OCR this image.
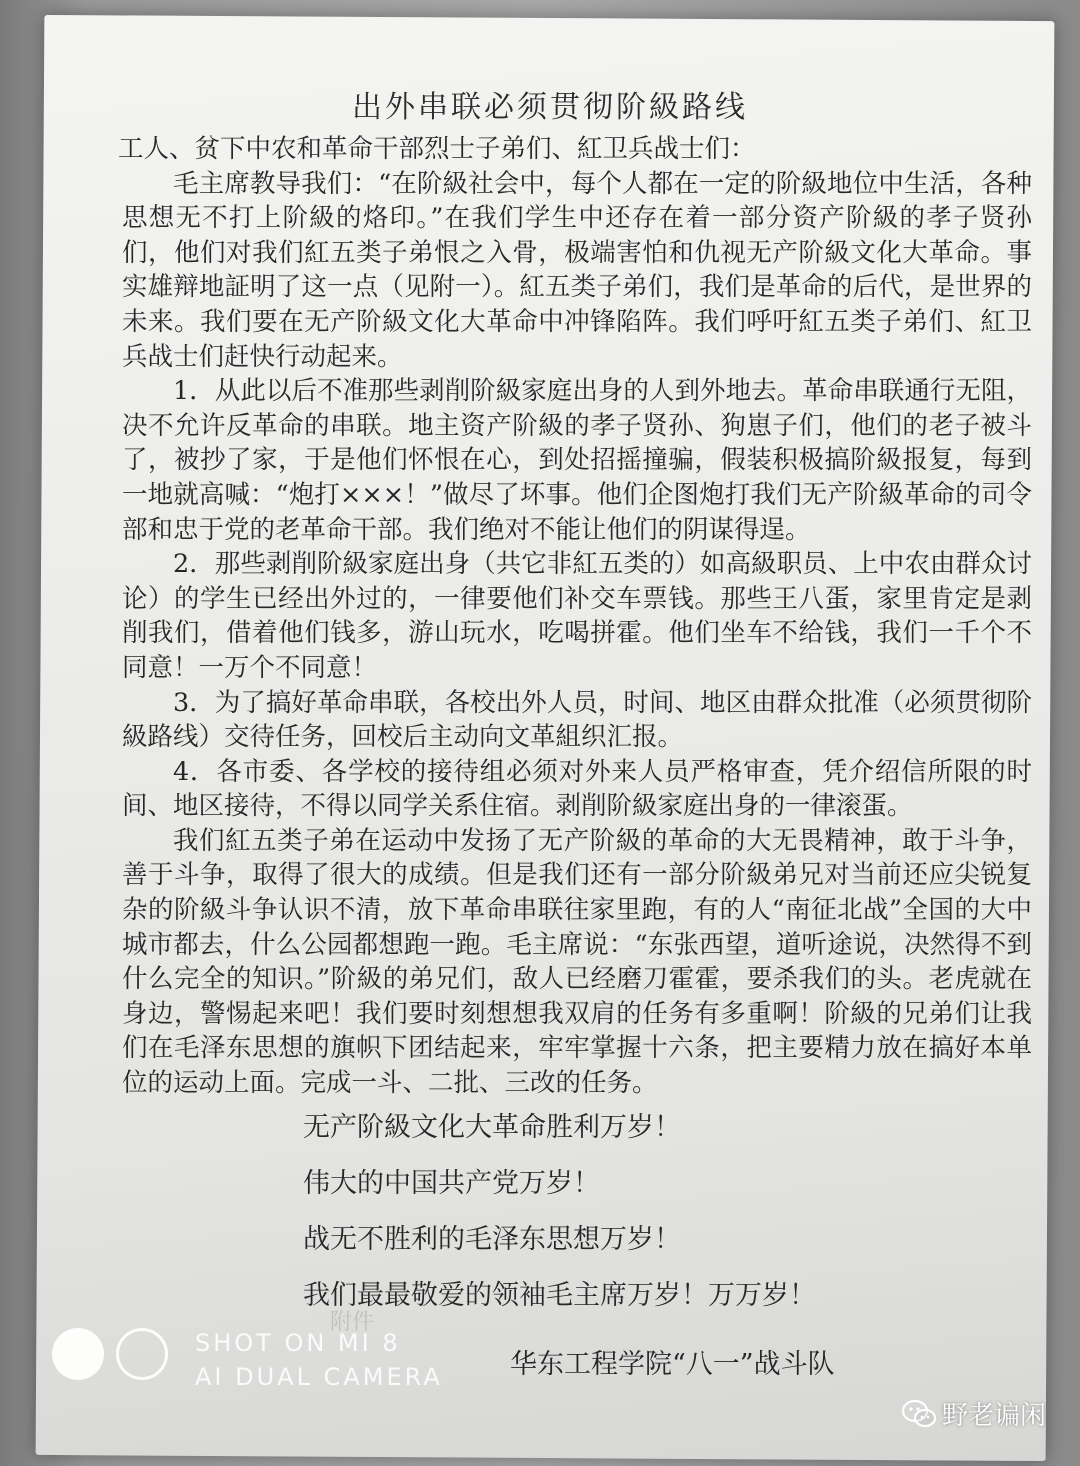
出外串联必须贯彻阶級路线

工人、贫下中农和革命干部烈士子弟们、紅卫兵战士们：

毛主席教导我们：“在阶級社会中，每个人都在一定的阶級地位中生活，各种思想无不打上阶級的烙印。”在我们学生中还存在着一部分资产阶級的孝子贤孙们，他们对我们紅五类子弟恨之入骨，极端害怕和仇视无产阶級文化大革命。事实雄辩地証明了这一点（见附一）。紅五类子弟们，我们是革命的后代，是世界的未来。我们要在无产阶級文化大革命中冲锋陷阵。我们呼吁紅五类子弟们、紅卫兵战士们赶快行动起来。

1．从此以后不准那些剥削阶級家庭出身的人到外地去。革命串联通行无阻，决不允许反革命的串联。地主资产阶級的孝子贤孙、狗崽子们，他们的老子被斗了，被抄了家，于是他们怀恨在心，到处招摇撞骗，假装积极搞阶級报复，每到一地就高喊：“炮打×××！”做尽了坏事。他们企图炮打我们无产阶級革命的司令部和忠于党的老革命干部。我们绝对不能让他们的阴谋得逞。

2．那些剥削阶級家庭出身（共它非紅五类的）如高級职员、上中农由群众讨论）的学生已经出外过的，一律要他们补交车票钱。那些王八蛋，家里肯定是剥削我们，借着他们钱多，游山玩水，吃喝拼霍。他们坐车不给钱，我们一千个不同意！一万个不同意！

3．为了搞好革命串联，各校出外人员，时间、地区由群众批准（必须贯彻阶級路线）交待任务，回校后主动向文革組织汇报。

4．各市委、各学校的接待组必须对外来人员严格审查，凭介绍信所限的时间、地区接待，不得以同学关系住宿。剥削阶級家庭出身的一律滚蛋。

我们紅五类子弟在运动中发扬了无产阶級的革命的大无畏精神，敢于斗争，善于斗争，取得了很大的成绩。但是我们还有一部分阶級弟兄对当前还应尖锐复杂的阶級斗争认识不清，放下革命串联往家里跑，有的人“南征北战”全国的大中城市都去，什么公园都想跑一跑。毛主席说：“东张西望，道听途说，决然得不到什么完全的知识。”阶級的弟兄们，敌人已经磨刀霍霍，要杀我们的头。老虎就在身边，警惕起来吧！我们要时刻想想我双肩的任务有多重啊！阶級的兄弟们让我们在毛泽东思想的旗帜下团结起来，牢牢掌握十六条，把主要精力放在搞好本单位的运动上面。完成一斗、二批、三改的任务。

无产阶級文化大革命胜利万岁！
伟大的中国共产党万岁！
战无不胜利的毛泽东思想万岁！
我们最最敬爱的领袖毛主席万岁！万万岁！
附件
华东工程学院“八一”战斗队
SHOT ON MI 8
AI DUAL CAMERA
野老谝闲
